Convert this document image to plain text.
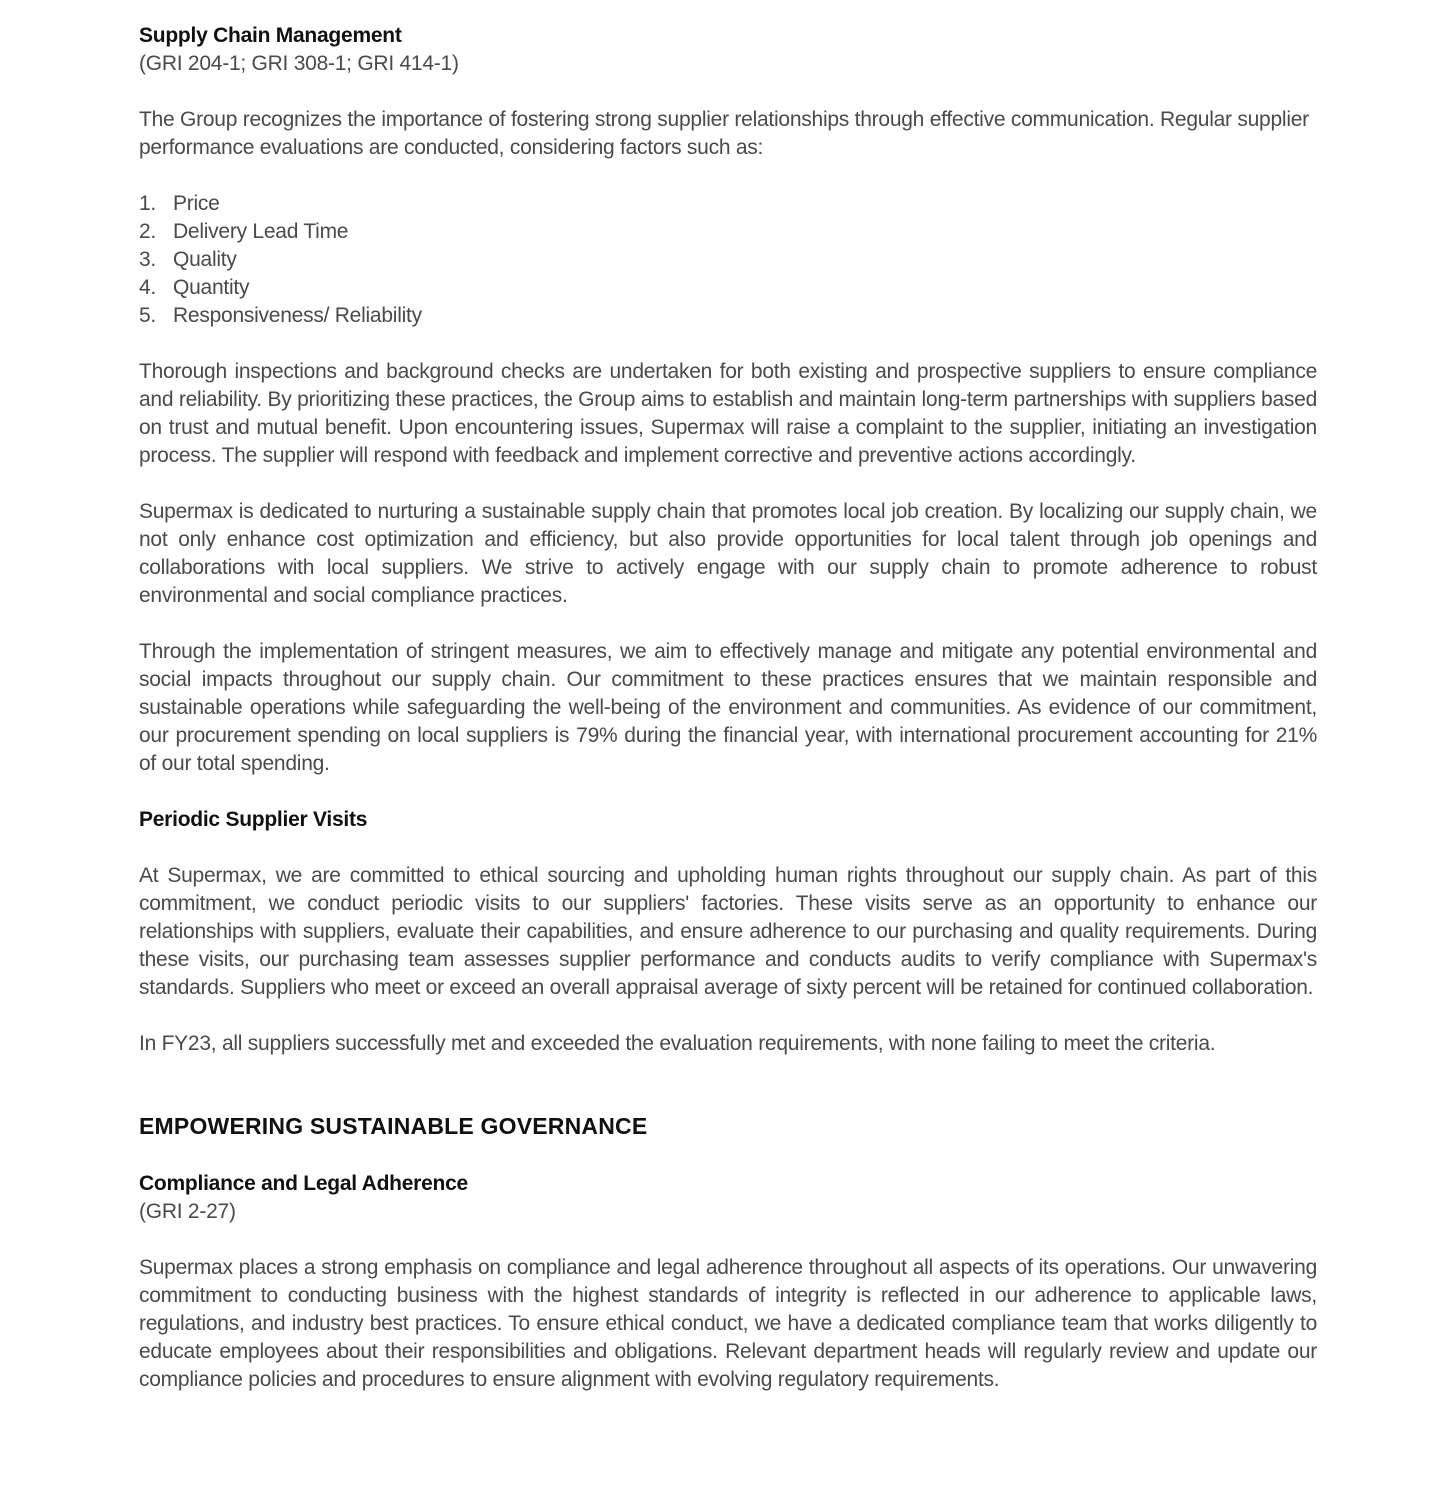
Supply Chain Management

(GRI 204-1; GRI 308-1; GRI 414-1)

The Group recognizes the importance of fostering strong supplier relationships through effective communication. Regular supplier performance evaluations are conducted, considering factors such as:

1. Price
2. Delivery Lead Time
3. Quality
4. Quantity
5. Responsiveness/ Reliability

Thorough inspections and background checks are undertaken for both existing and prospective suppliers to ensure compliance and reliability. By prioritizing these practices, the Group aims to establish and maintain long-term partnerships with suppliers based on trust and mutual benefit. Upon encountering issues, Supermax will raise a complaint to the supplier, initiating an investigation process. The supplier will respond with feedback and implement corrective and preventive actions accordingly.

Supermax is dedicated to nurturing a sustainable supply chain that promotes local job creation. By localizing our supply chain, we not only enhance cost optimization and efficiency, but also provide opportunities for local talent through job openings and collaborations with local suppliers. We strive to actively engage with our supply chain to promote adherence to robust environmental and social compliance practices.

Through the implementation of stringent measures, we aim to effectively manage and mitigate any potential environmental and social impacts throughout our supply chain. Our commitment to these practices ensures that we maintain responsible and sustainable operations while safeguarding the well-being of the environment and communities. As evidence of our commitment, our procurement spending on local suppliers is 79% during the financial year, with international procurement accounting for 21% of our total spending.

Periodic Supplier Visits

At Supermax, we are committed to ethical sourcing and upholding human rights throughout our supply chain. As part of this commitment, we conduct periodic visits to our suppliers' factories. These visits serve as an opportunity to enhance our relationships with suppliers, evaluate their capabilities, and ensure adherence to our purchasing and quality requirements. During these visits, our purchasing team assesses supplier performance and conducts audits to verify compliance with Supermax's standards. Suppliers who meet or exceed an overall appraisal average of sixty percent will be retained for continued collaboration.

In FY23, all suppliers successfully met and exceeded the evaluation requirements, with none failing to meet the criteria.

EMPOWERING SUSTAINABLE GOVERNANCE

Compliance and Legal Adherence

(GRI 2-27)

Supermax places a strong emphasis on compliance and legal adherence throughout all aspects of its operations. Our unwavering commitment to conducting business with the highest standards of integrity is reflected in our adherence to applicable laws, regulations, and industry best practices. To ensure ethical conduct, we have a dedicated compliance team that works diligently to educate employees about their responsibilities and obligations. Relevant department heads will regularly review and update our compliance policies and procedures to ensure alignment with evolving regulatory requirements.
